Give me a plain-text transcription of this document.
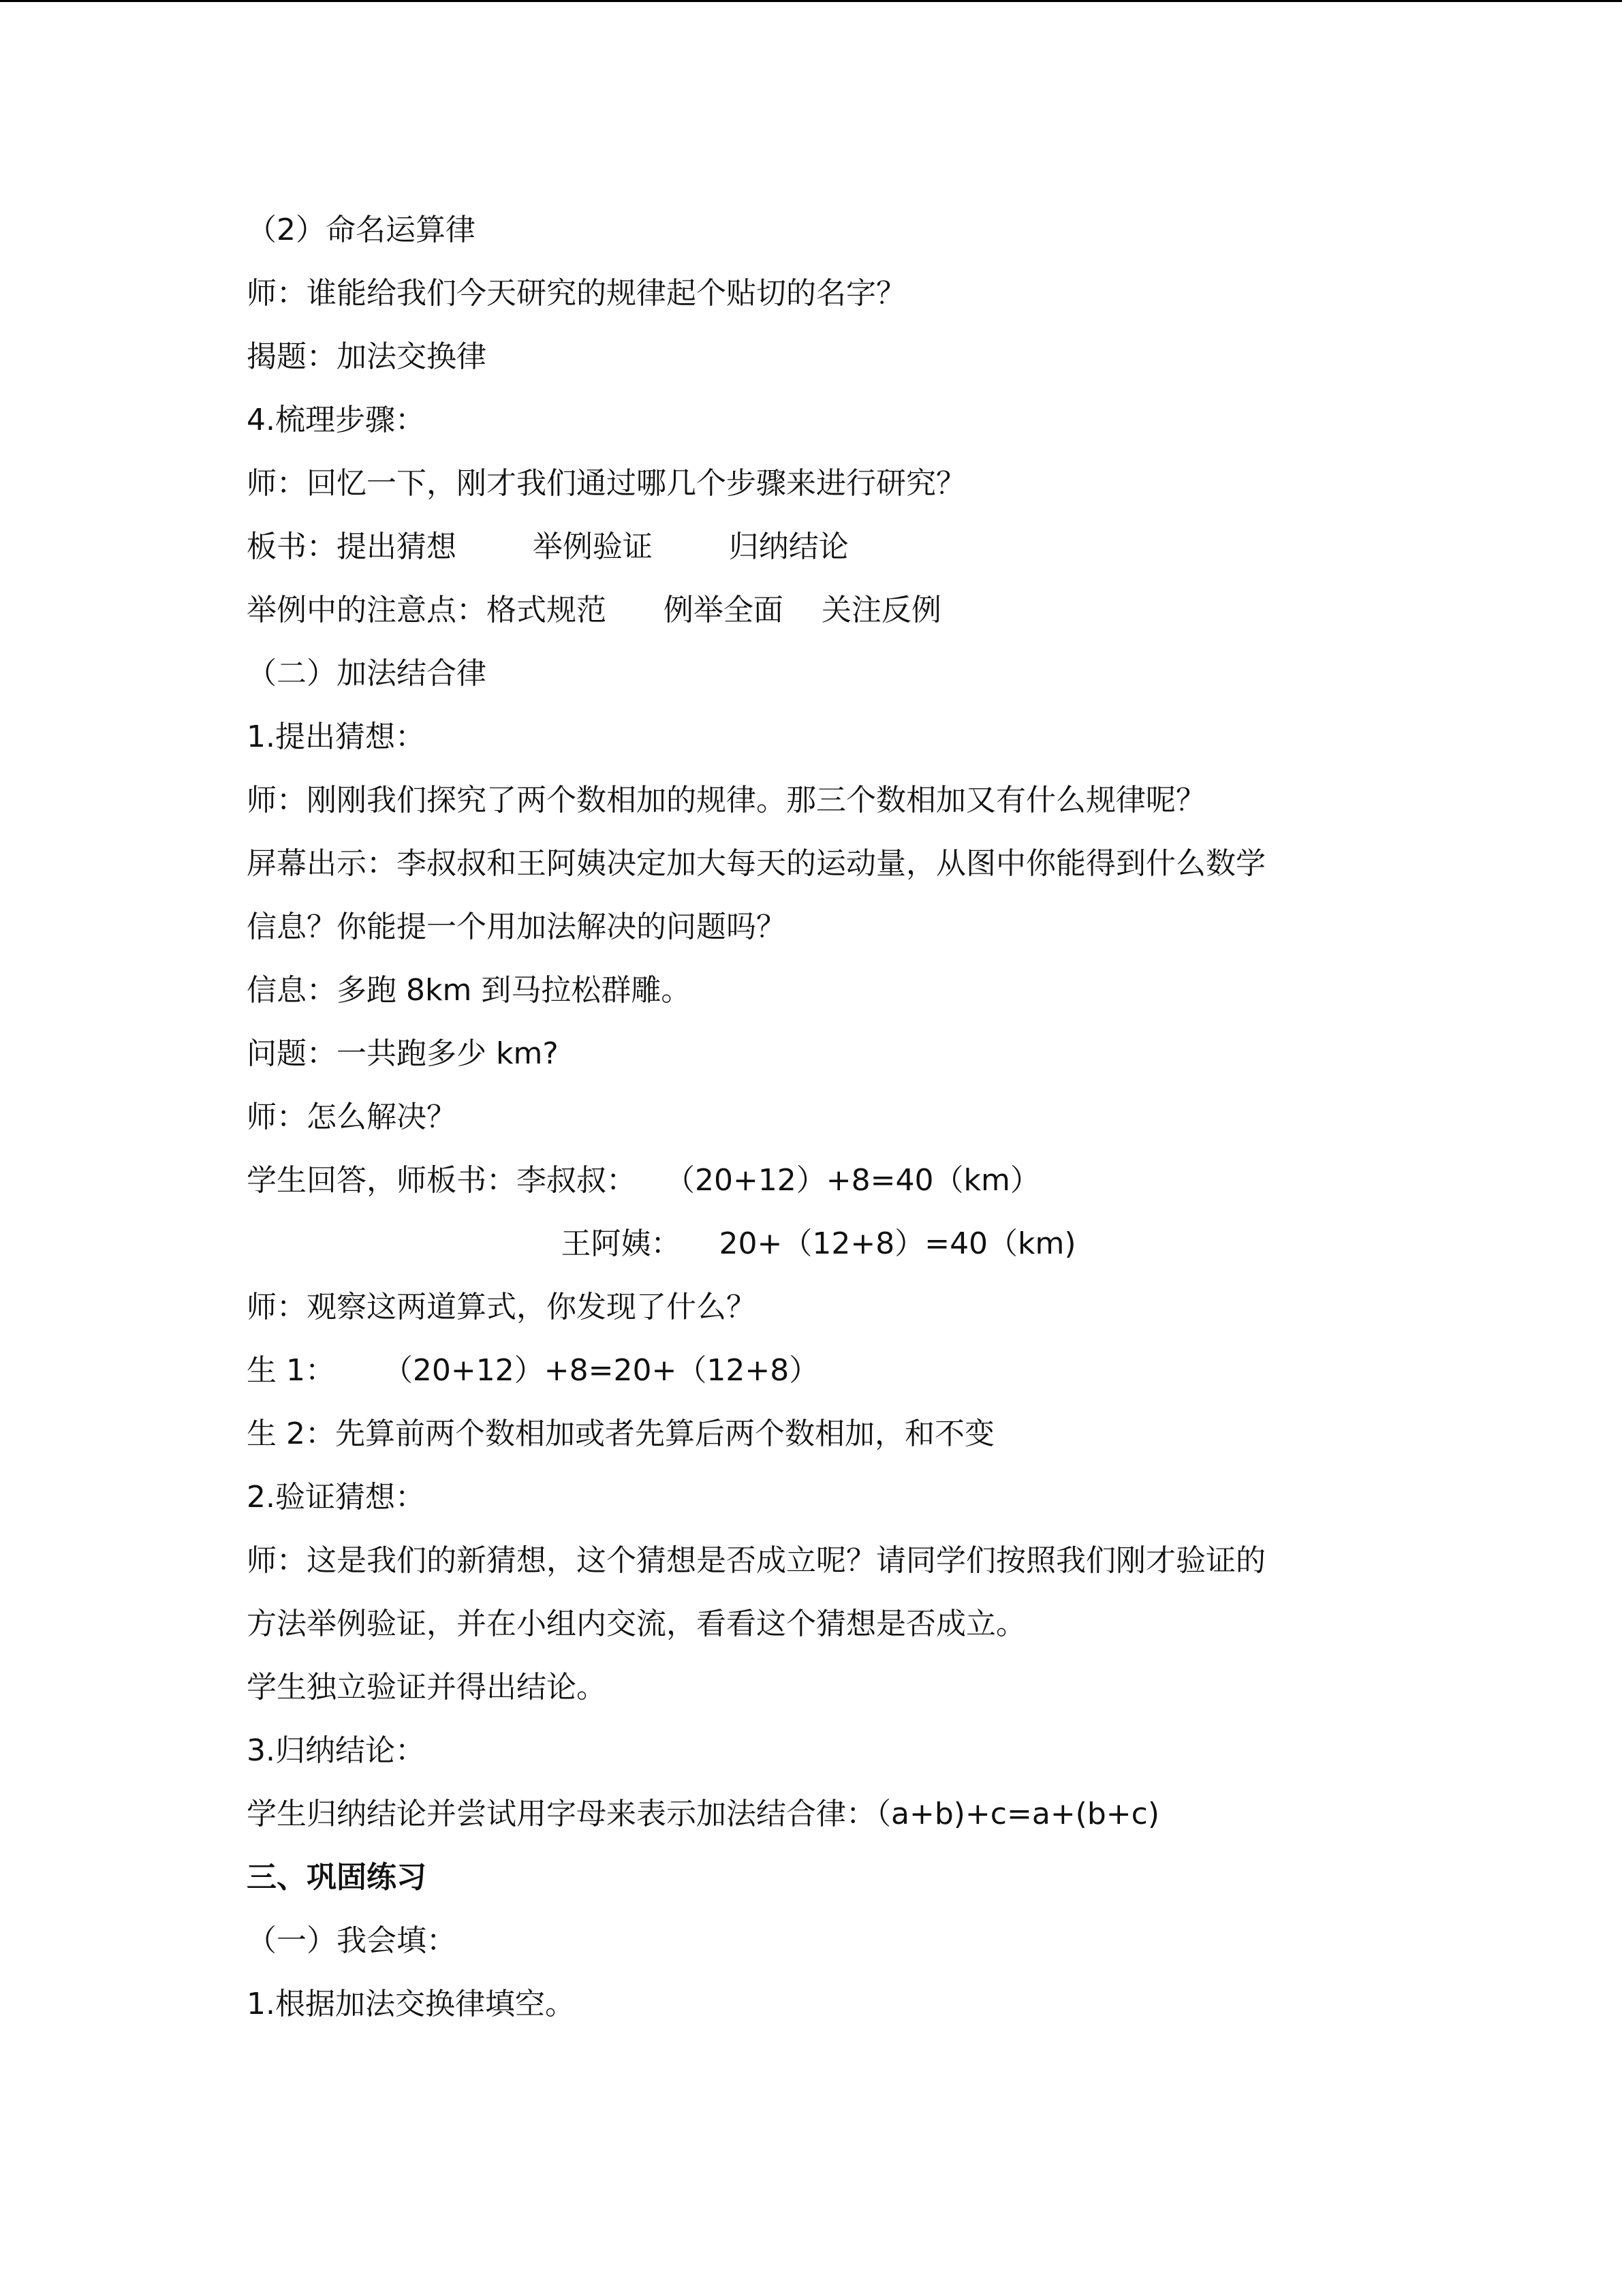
（2）命名运算律

师：谁能给我们今天研究的规律起个贴切的名字？

揭题：加法交换律

4.梳理步骤：

师：回忆一下，刚才我们通过哪几个步骤来进行研究？

板书：提出猜想        举例验证        归纳结论

举例中的注意点：格式规范      例举全面    关注反例

（二）加法结合律

1.提出猜想：

师：刚刚我们探究了两个数相加的规律。那三个数相加又有什么规律呢？

屏幕出示：李叔叔和王阿姨决定加大每天的运动量，从图中你能得到什么数学

信息？你能提一个用加法解决的问题吗？

信息：多跑 8km 到马拉松群雕。

问题：一共跑多少 km?

师：怎么解决？

学生回答，师板书：李叔叔：   （20+12）+8=40（km）

王阿姨：    20+（12+8）=40（km)

师：观察这两道算式，你发现了什么？

生 1：     （20+12）+8=20+（12+8）

生 2：先算前两个数相加或者先算后两个数相加，和不变

2.验证猜想：

师：这是我们的新猜想，这个猜想是否成立呢？请同学们按照我们刚才验证的

方法举例验证，并在小组内交流，看看这个猜想是否成立。

学生独立验证并得出结论。

3.归纳结论：

学生归纳结论并尝试用字母来表示加法结合律：（a+b)+c=a+(b+c)

三、巩固练习

（一）我会填：

1.根据加法交换律填空。
